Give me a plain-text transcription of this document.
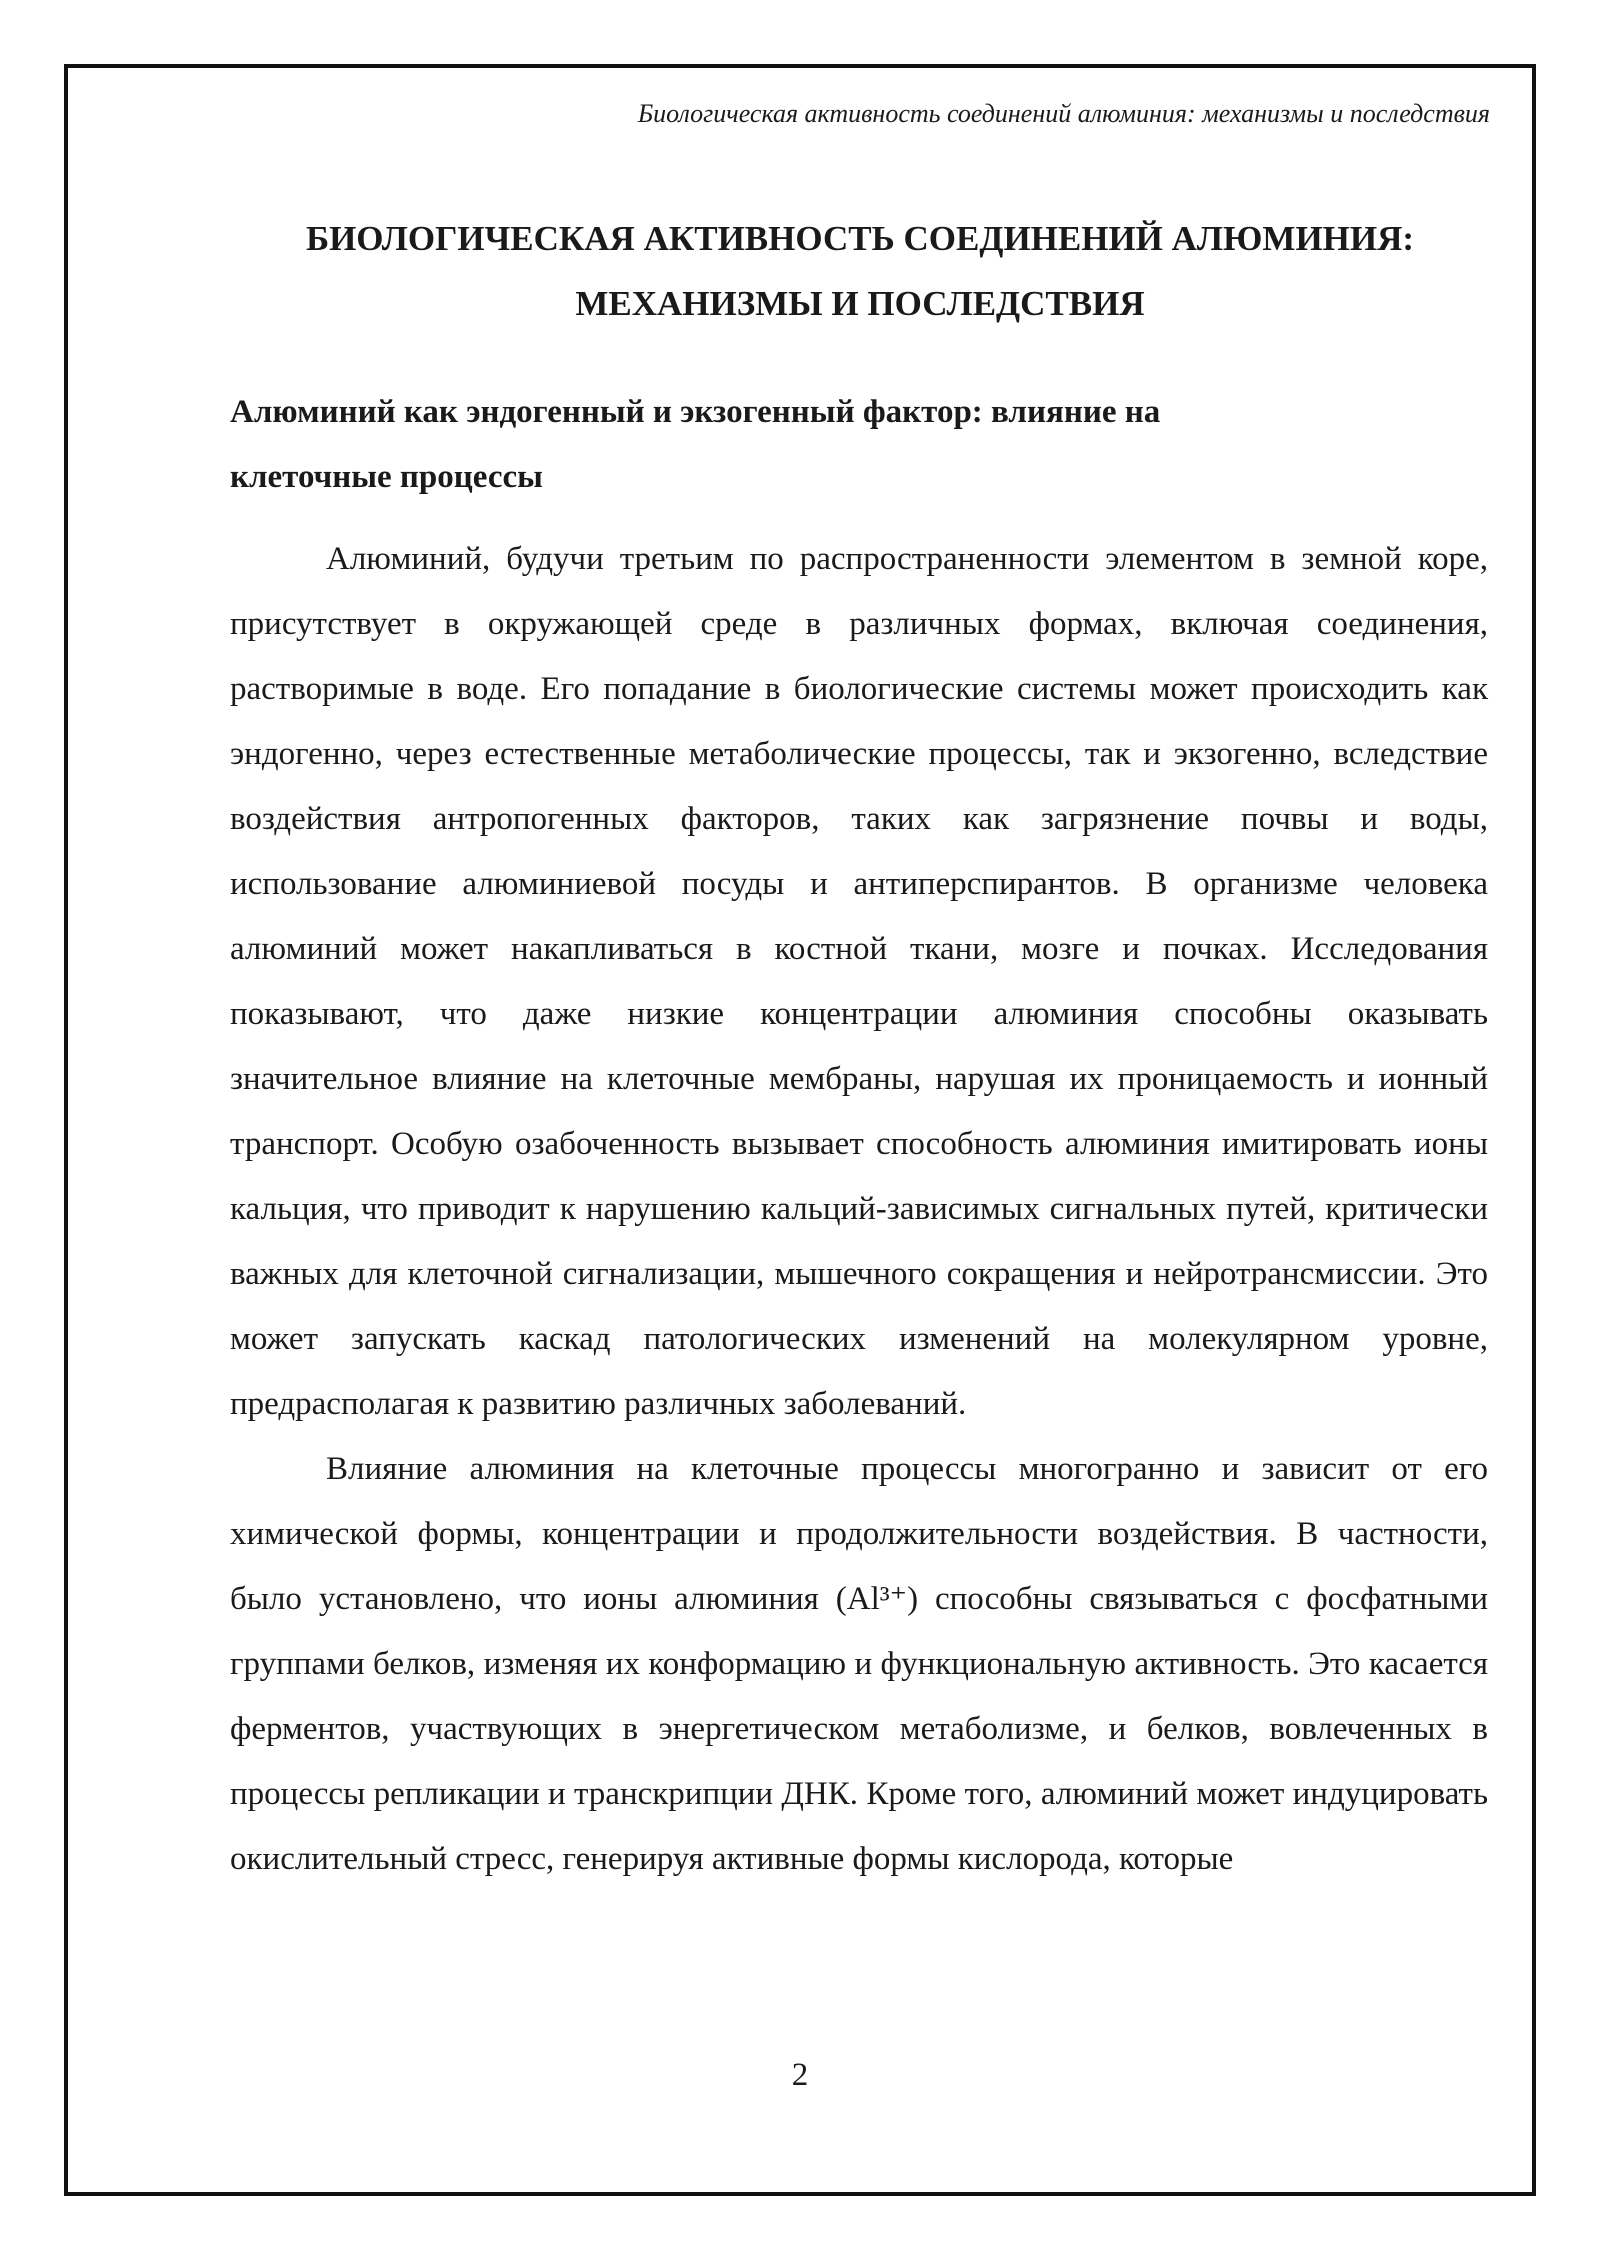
Биологическая активность соединений алюминия: механизмы и последствия
БИОЛОГИЧЕСКАЯ АКТИВНОСТЬ СОЕДИНЕНИЙ АЛЮМИНИЯ:
МЕХАНИЗМЫ И ПОСЛЕДСТВИЯ
Алюминий как эндогенный и экзогенный фактор: влияние на
клеточные процессы

Алюминий, будучи третьим по распространенности элементом в земной коре, присутствует в окружающей среде в различных формах, включая соединения, растворимые в воде. Его попадание в биологические системы может происходить как эндогенно, через естественные метаболические процессы, так и экзогенно, вследствие воздействия антропогенных факторов, таких как загрязнение почвы и воды, использование алюминиевой посуды и антиперспирантов. В организме человека алюминий может накапливаться в костной ткани, мозге и почках. Исследования показывают, что даже низкие концентрации алюминия способны оказывать значительное влияние на клеточные мембраны, нарушая их проницаемость и ионный транспорт. Особую озабоченность вызывает способность алюминия имитировать ионы кальция, что приводит к нарушению кальций-зависимых сигнальных путей, критически важных для клеточной сигнализации, мышечного сокращения и нейротрансмиссии. Это может запускать каскад патологических изменений на молекулярном уровне, предрасполагая к развитию различных заболеваний.

Влияние алюминия на клеточные процессы многогранно и зависит от его химической формы, концентрации и продолжительности воздействия. В частности, было установлено, что ионы алюминия (Al³⁺) способны связываться с фосфатными группами белков, изменяя их конформацию и функциональную активность. Это касается ферментов, участвующих в энергетическом метаболизме, и белков, вовлеченных в процессы репликации и транскрипции ДНК. Кроме того, алюминий может индуцировать окислительный стресс, генерируя активные формы кислорода, которые

2
